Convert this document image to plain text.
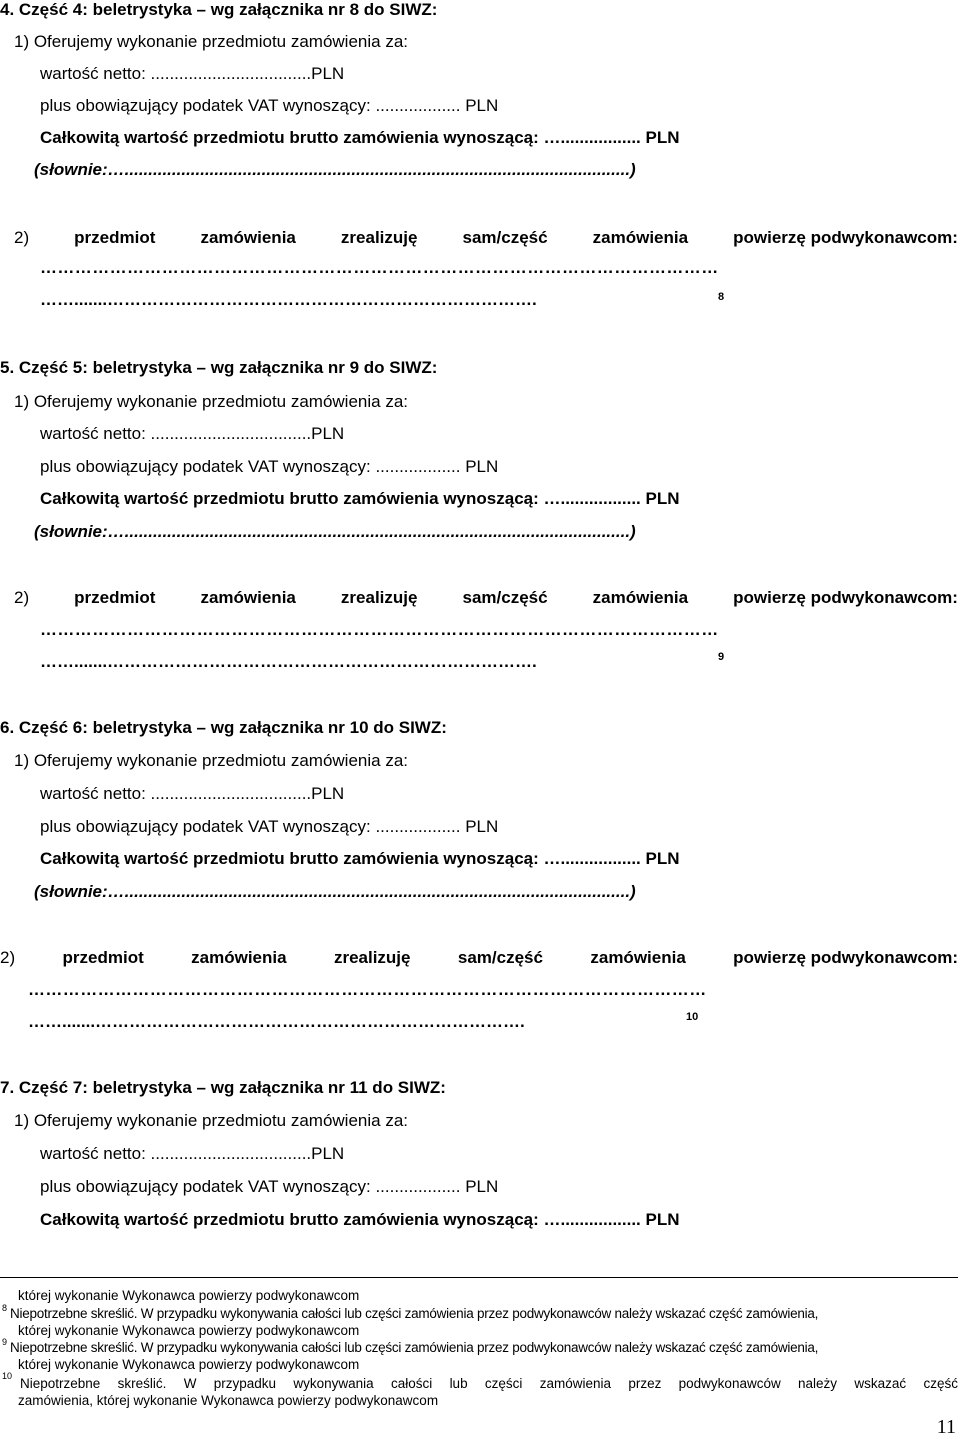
4. Część 4: beletrystyka – wg załącznika nr 8 do SIWZ:
1) Oferujemy wykonanie przedmiotu zamówienia za:
wartość netto: ..................................PLN
plus obowiązujący podatek VAT wynoszący: .................. PLN
Całkowitą wartość przedmiotu brutto zamówienia wynoszącą: …................. PLN
(słownie:…...........................................................................................................)
2)	przedmiot	zamówienia	zrealizuję	sam/część	zamówienia	powierzę podwykonawcom:
………………………………………………………………………………………………………
…….......………………………………………………………………….	8
5. Część 5: beletrystyka – wg załącznika nr 9 do SIWZ:
1) Oferujemy wykonanie przedmiotu zamówienia za:
wartość netto: ..................................PLN
plus obowiązujący podatek VAT wynoszący: .................. PLN
Całkowitą wartość przedmiotu brutto zamówienia wynoszącą: …................. PLN
(słownie:…...........................................................................................................)
2)	przedmiot	zamówienia	zrealizuję	sam/część	zamówienia	powierzę podwykonawcom:
………………………………………………………………………………………………………
…….......………………………………………………………………….	9
6. Część 6: beletrystyka – wg załącznika nr 10 do SIWZ:
1) Oferujemy wykonanie przedmiotu zamówienia za:
wartość netto: ..................................PLN
plus obowiązujący podatek VAT wynoszący: .................. PLN
Całkowitą wartość przedmiotu brutto zamówienia wynoszącą: …................. PLN
(słownie:…...........................................................................................................)
2)	przedmiot	zamówienia	zrealizuję	sam/część	zamówienia	powierzę podwykonawcom:
………………………………………………………………………………………………………
…….......………………………………………………………………….	10
7. Część 7: beletrystyka – wg załącznika nr 11 do SIWZ:
1) Oferujemy wykonanie przedmiotu zamówienia za:
wartość netto: ..................................PLN
plus obowiązujący podatek VAT wynoszący: .................. PLN
Całkowitą wartość przedmiotu brutto zamówienia wynoszącą: …................. PLN
której wykonanie Wykonawca powierzy podwykonawcom
8 Niepotrzebne skreślić. W przypadku wykonywania całości lub części zamówienia przez podwykonawców należy wskazać część zamówienia,
której wykonanie Wykonawca powierzy podwykonawcom
9 Niepotrzebne skreślić. W przypadku wykonywania całości lub części zamówienia przez podwykonawców należy wskazać część zamówienia,
której wykonanie Wykonawca powierzy podwykonawcom
10 Niepotrzebne skreślić. W przypadku wykonywania całości lub części zamówienia przez podwykonawców należy wskazać część
zamówienia, której wykonanie Wykonawca powierzy podwykonawcom
11
